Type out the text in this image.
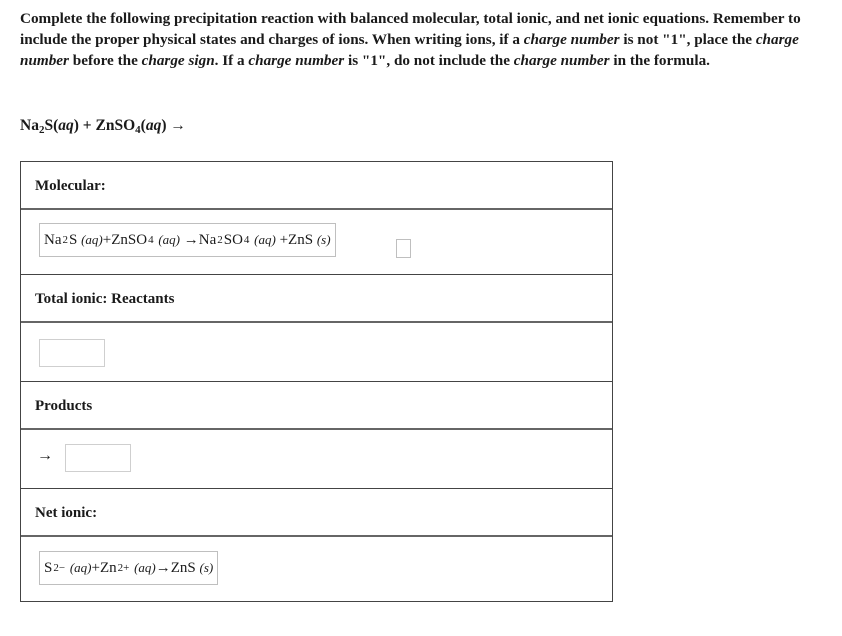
Complete the following precipitation reaction with balanced molecular, total ionic, and net ionic equations. Remember to include the proper physical states and charges of ions. When writing ions, if a charge number is not "1", place the charge number before the charge sign. If a charge number is "1", do not include the charge number in the formula.

$Na_2S(aq)$ + ZnSO$_4$(aq) →

Molecular:
Na 2 S
(aq) +ZnSO 4
(aq)
→Na 2 SO 4
(aq)
+ZnS
(s)
Total ionic: Reactants
Products
→
Net ionic:
S 2−
(aq) +Zn 2+
(aq) →ZnS
(s)
